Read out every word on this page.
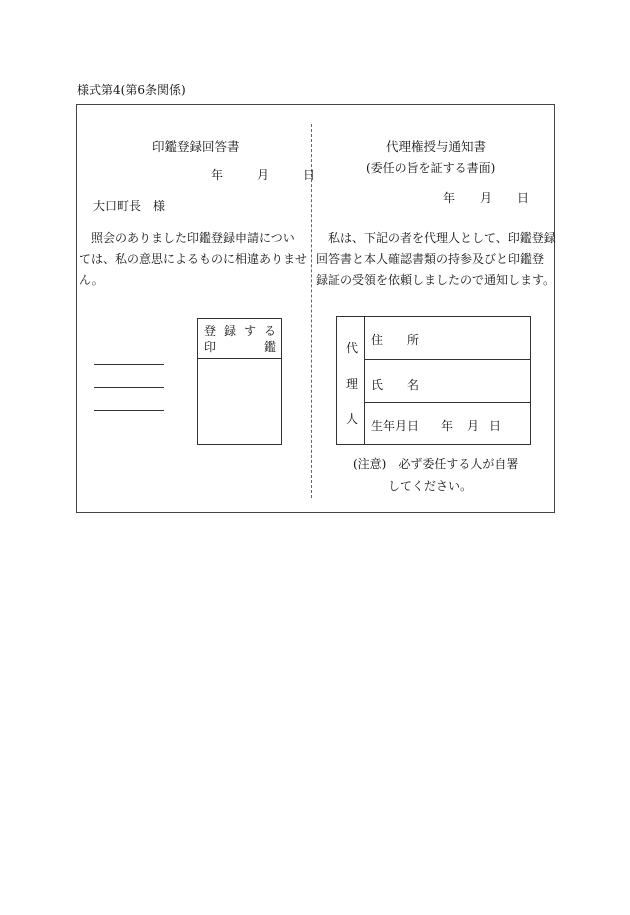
様式第4(第6条関係)
印鑑登録回答書
年	月	日
大口町長　様
照会のありました印鑑登録申請につい
ては、私の意思によるものに相違ありませ
ん。
登 録 す る
印	鑑
代理権授与通知書
(委任の旨を証する書面)
年 月 日
私は、下記の者を代理人として、印鑑登録
回答書と本人確認書類の持参及びと印鑑登
録証の受領を依頼しましたので通知します。
代
理
人
住　　所
氏　　名
生年月日 年 月 日
(注意)　必ず委任する人が自署
してください。
